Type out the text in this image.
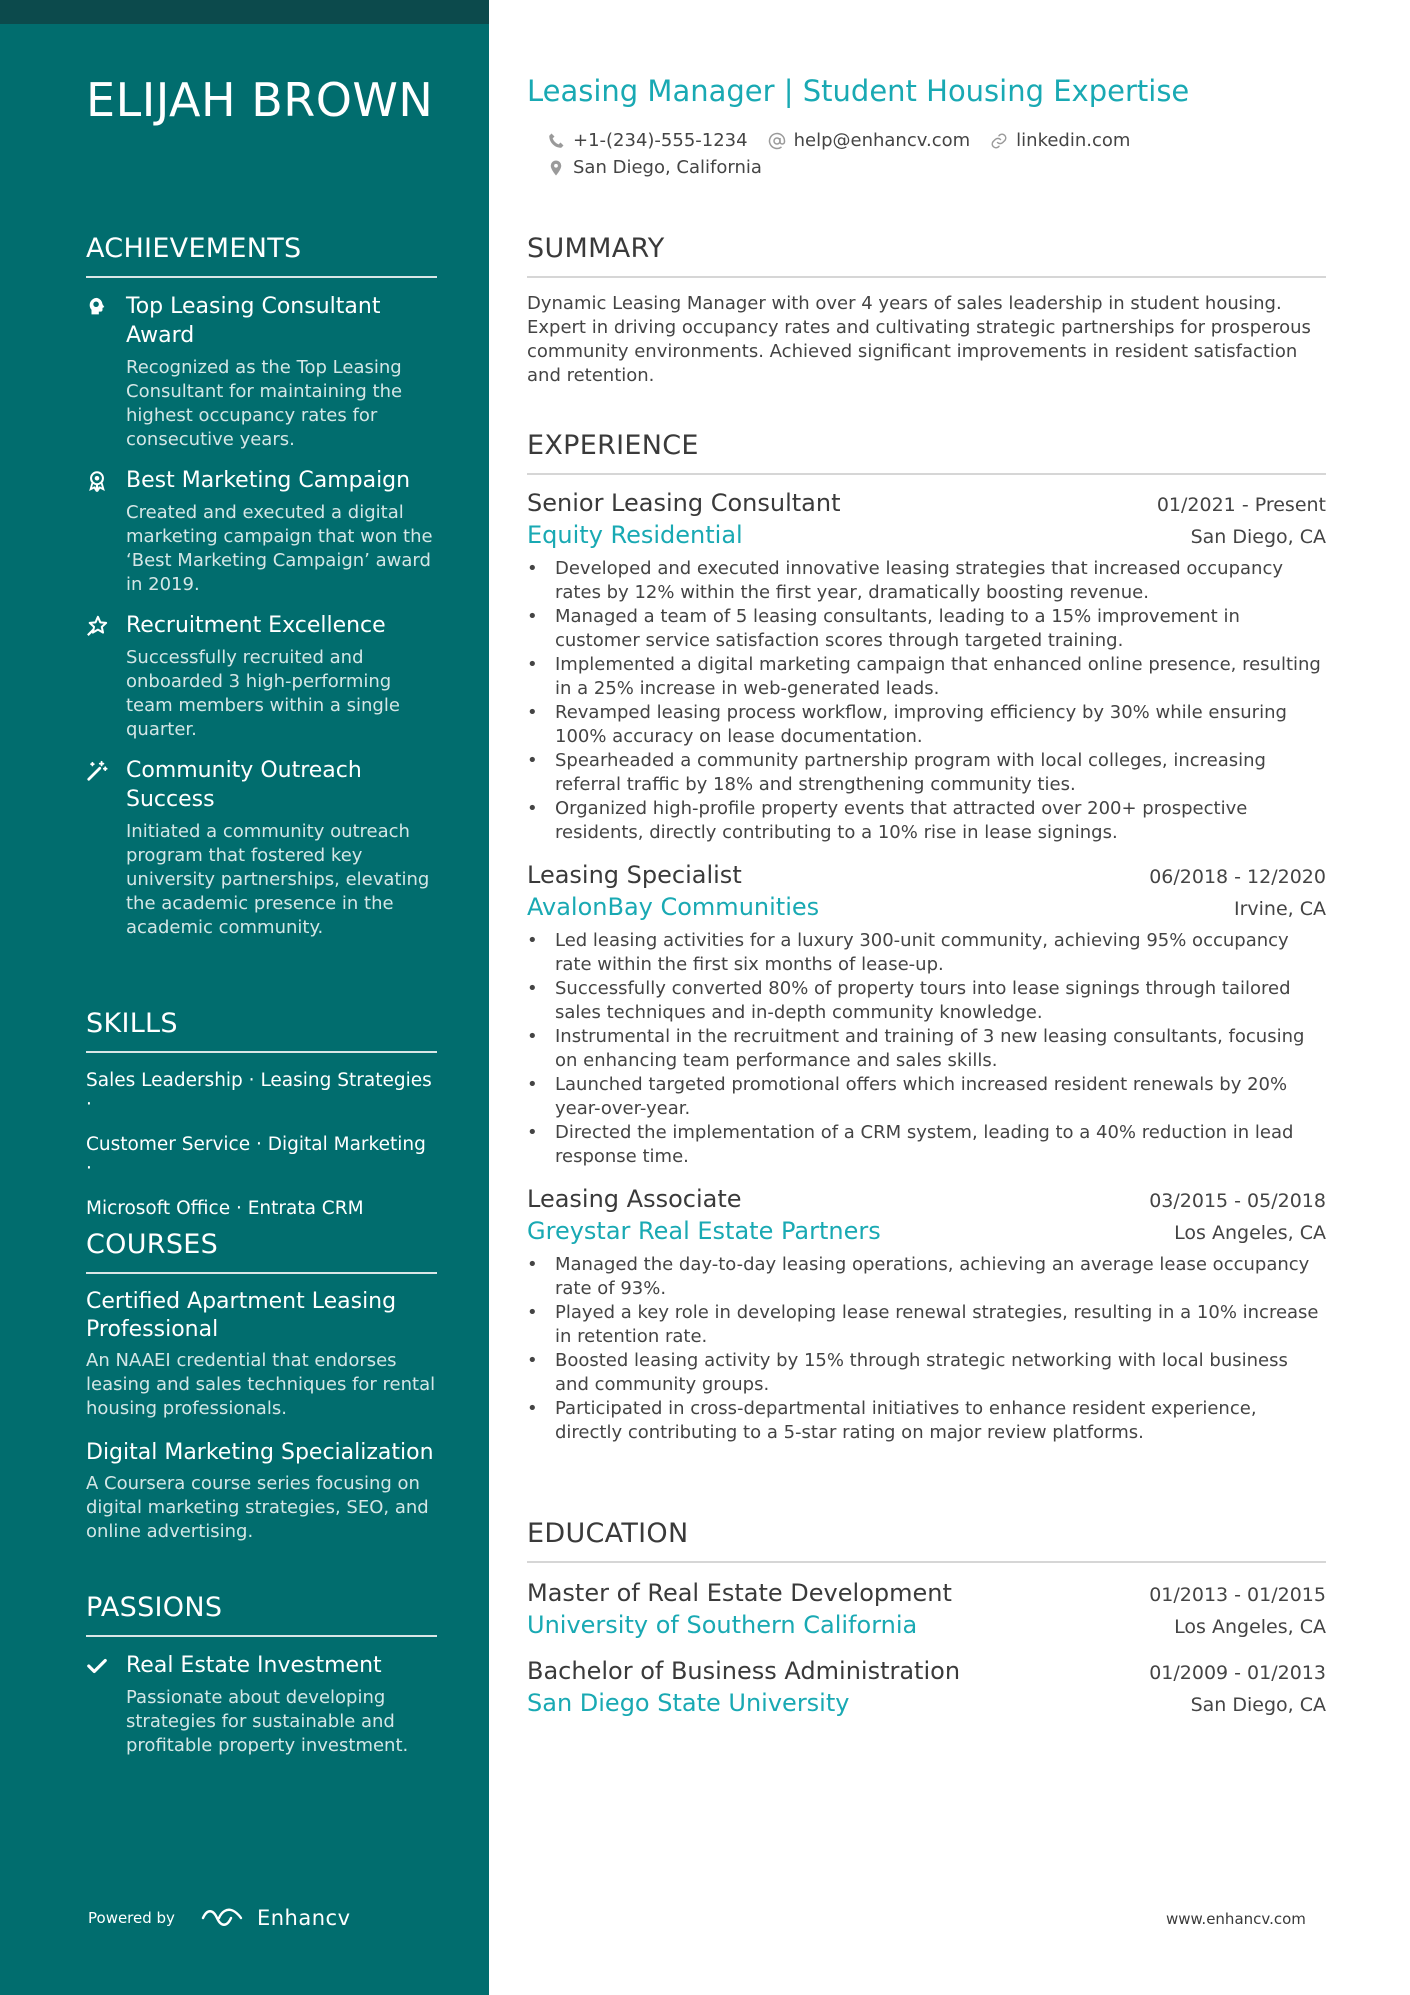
ELIJAH BROWN
ACHIEVEMENTS
Top Leasing Consultant Award
Recognized as the Top Leasing Consultant for maintaining the highest occupancy rates for consecutive years.
Best Marketing Campaign
Created and executed a digital marketing campaign that won the ‘Best Marketing Campaign’ award in 2019.
Recruitment Excellence
Successfully recruited and onboarded 3 high-performing team members within a single quarter.
Community Outreach Success
Initiated a community outreach program that fostered key university partnerships, elevating the academic presence in the academic community.
SKILLS
Sales Leadership · Leasing Strategies ·
Customer Service · Digital Marketing ·
Microsoft Office · Entrata CRM
COURSES
Certified Apartment Leasing Professional
An NAAEI credential that endorses leasing and sales techniques for rental housing professionals.
Digital Marketing Specialization
A Coursera course series focusing on digital marketing strategies, SEO, and online advertising.
PASSIONS
Real Estate Investment
Passionate about developing strategies for sustainable and profitable property investment.
Powered by	Enhancv
Leasing Manager | Student Housing Expertise
+1-(234)-555-1234	help@enhancv.com	linkedin.com
San Diego, California
SUMMARY
Dynamic Leasing Manager with over 4 years of sales leadership in student housing. Expert in driving occupancy rates and cultivating strategic partnerships for prosperous community environments. Achieved significant improvements in resident satisfaction and retention.
EXPERIENCE
Senior Leasing Consultant	01/2021 - Present
Equity Residential	San Diego, CA
• Developed and executed innovative leasing strategies that increased occupancy rates by 12% within the first year, dramatically boosting revenue.
• Managed a team of 5 leasing consultants, leading to a 15% improvement in customer service satisfaction scores through targeted training.
• Implemented a digital marketing campaign that enhanced online presence, resulting in a 25% increase in web-generated leads.
• Revamped leasing process workflow, improving efficiency by 30% while ensuring 100% accuracy on lease documentation.
• Spearheaded a community partnership program with local colleges, increasing referral traffic by 18% and strengthening community ties.
• Organized high-profile property events that attracted over 200+ prospective residents, directly contributing to a 10% rise in lease signings.
Leasing Specialist	06/2018 - 12/2020
AvalonBay Communities	Irvine, CA
• Led leasing activities for a luxury 300-unit community, achieving 95% occupancy rate within the first six months of lease-up.
• Successfully converted 80% of property tours into lease signings through tailored sales techniques and in-depth community knowledge.
• Instrumental in the recruitment and training of 3 new leasing consultants, focusing on enhancing team performance and sales skills.
• Launched targeted promotional offers which increased resident renewals by 20% year-over-year.
• Directed the implementation of a CRM system, leading to a 40% reduction in lead response time.
Leasing Associate	03/2015 - 05/2018
Greystar Real Estate Partners	Los Angeles, CA
• Managed the day-to-day leasing operations, achieving an average lease occupancy rate of 93%.
• Played a key role in developing lease renewal strategies, resulting in a 10% increase in retention rate.
• Boosted leasing activity by 15% through strategic networking with local business and community groups.
• Participated in cross-departmental initiatives to enhance resident experience, directly contributing to a 5-star rating on major review platforms.
EDUCATION
Master of Real Estate Development	01/2013 - 01/2015
University of Southern California	Los Angeles, CA
Bachelor of Business Administration	01/2009 - 01/2013
San Diego State University	San Diego, CA
www.enhancv.com
